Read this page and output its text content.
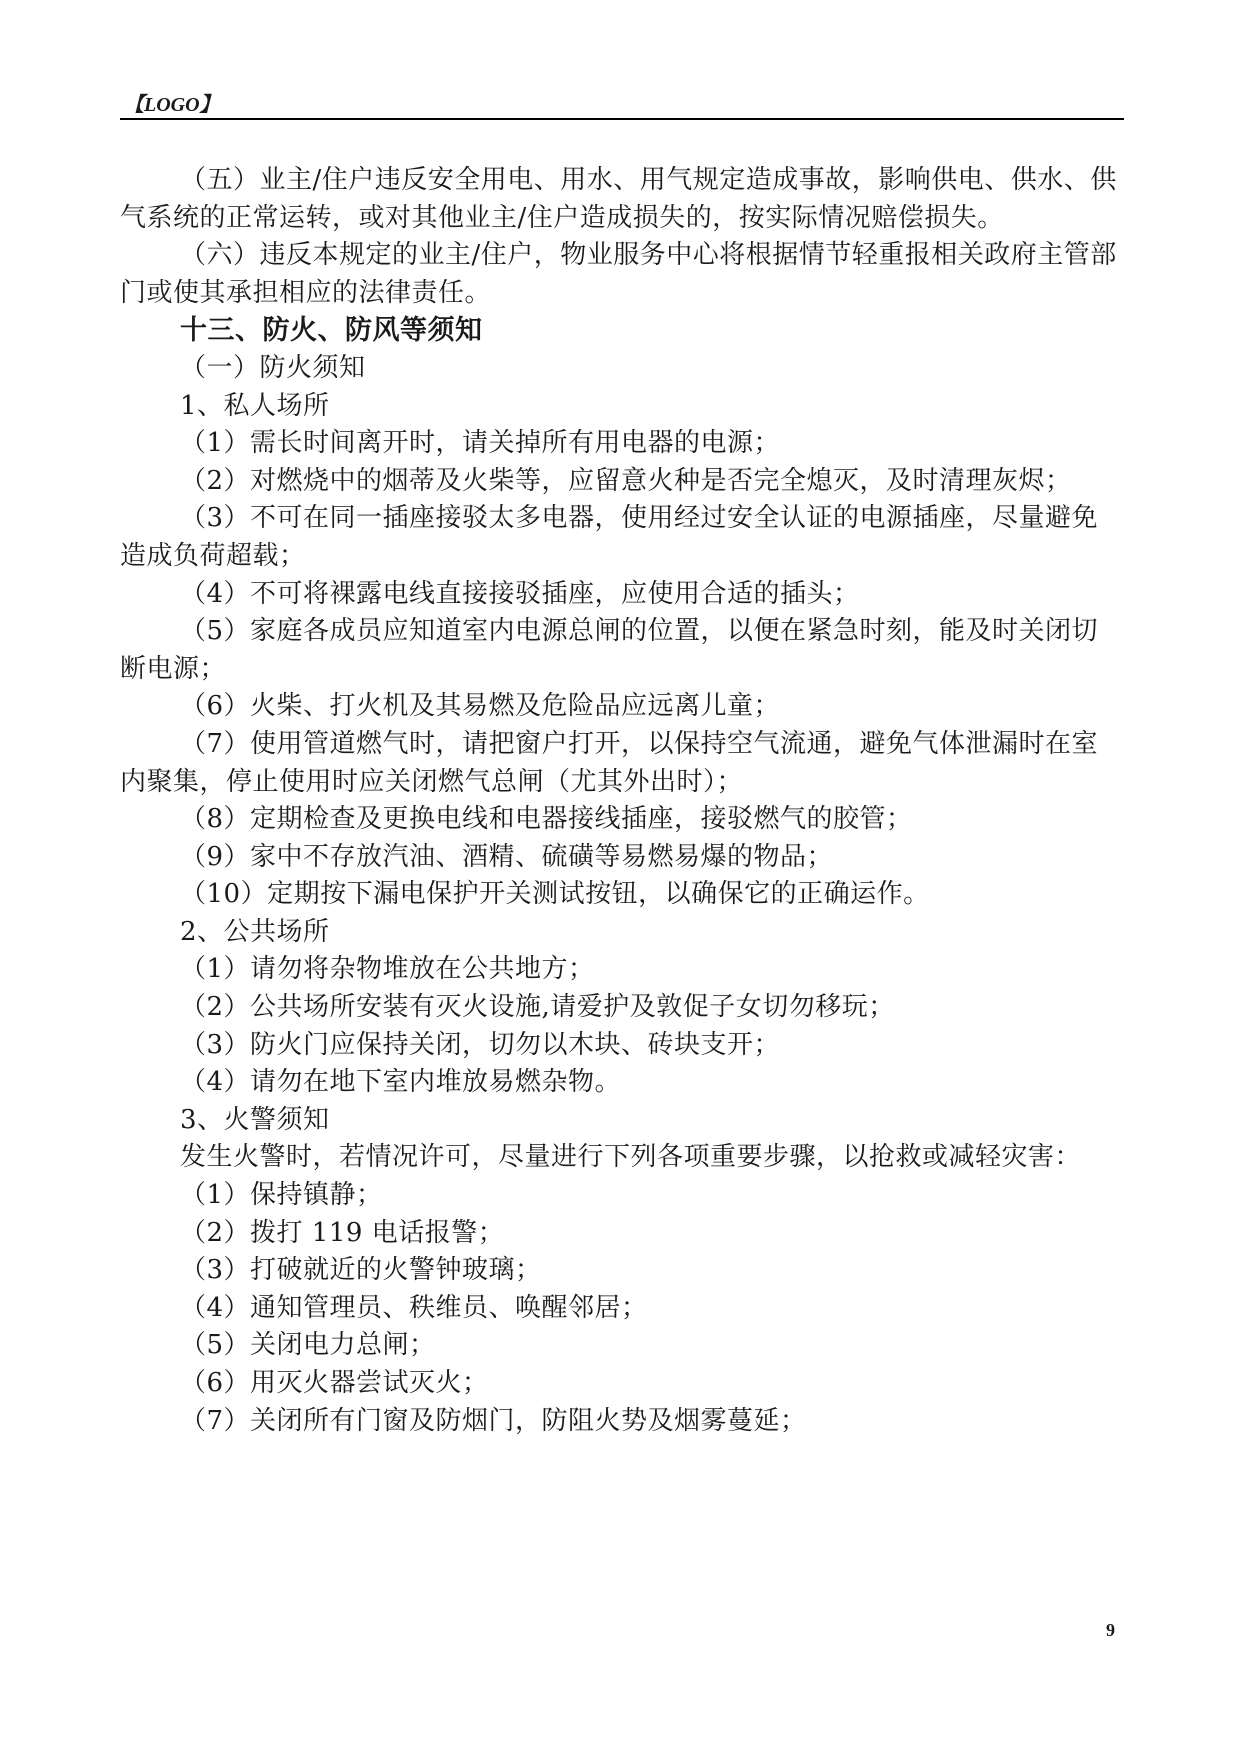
【LOGO】

（五）业主/住户违反安全用电、用水、用气规定造成事故，影响供电、供水、供气系统的正常运转，或对其他业主/住户造成损失的，按实际情况赔偿损失。

（六）违反本规定的业主/住户，物业服务中心将根据情节轻重报相关政府主管部门或使其承担相应的法律责任。

十三、防火、防风等须知

（一）防火须知

1、私人场所

（1）需长时间离开时，请关掉所有用电器的电源；

（2）对燃烧中的烟蒂及火柴等，应留意火种是否完全熄灭，及时清理灰烬；

（3）不可在同一插座接驳太多电器，使用经过安全认证的电源插座，尽量避免造成负荷超载；

（4）不可将裸露电线直接接驳插座，应使用合适的插头；

（5）家庭各成员应知道室内电源总闸的位置，以便在紧急时刻，能及时关闭切断电源；

（6）火柴、打火机及其易燃及危险品应远离儿童；

（7）使用管道燃气时，请把窗户打开，以保持空气流通，避免气体泄漏时在室内聚集，停止使用时应关闭燃气总闸（尤其外出时）；

（8）定期检查及更换电线和电器接线插座，接驳燃气的胶管；

（9）家中不存放汽油、酒精、硫磺等易燃易爆的物品；

（10）定期按下漏电保护开关测试按钮，以确保它的正确运作。

2、公共场所

（1）请勿将杂物堆放在公共地方；

（2）公共场所安装有灭火设施,请爱护及敦促子女切勿移玩；

（3）防火门应保持关闭，切勿以木块、砖块支开；

（4）请勿在地下室内堆放易燃杂物。

3、火警须知

发生火警时，若情况许可，尽量进行下列各项重要步骤，以抢救或减轻灾害：

（1）保持镇静；

（2）拨打 119 电话报警；

（3）打破就近的火警钟玻璃；

（4）通知管理员、秩维员、唤醒邻居；

（5）关闭电力总闸；

（6）用灭火器尝试灭火；

（7）关闭所有门窗及防烟门，防阻火势及烟雾蔓延；

9
